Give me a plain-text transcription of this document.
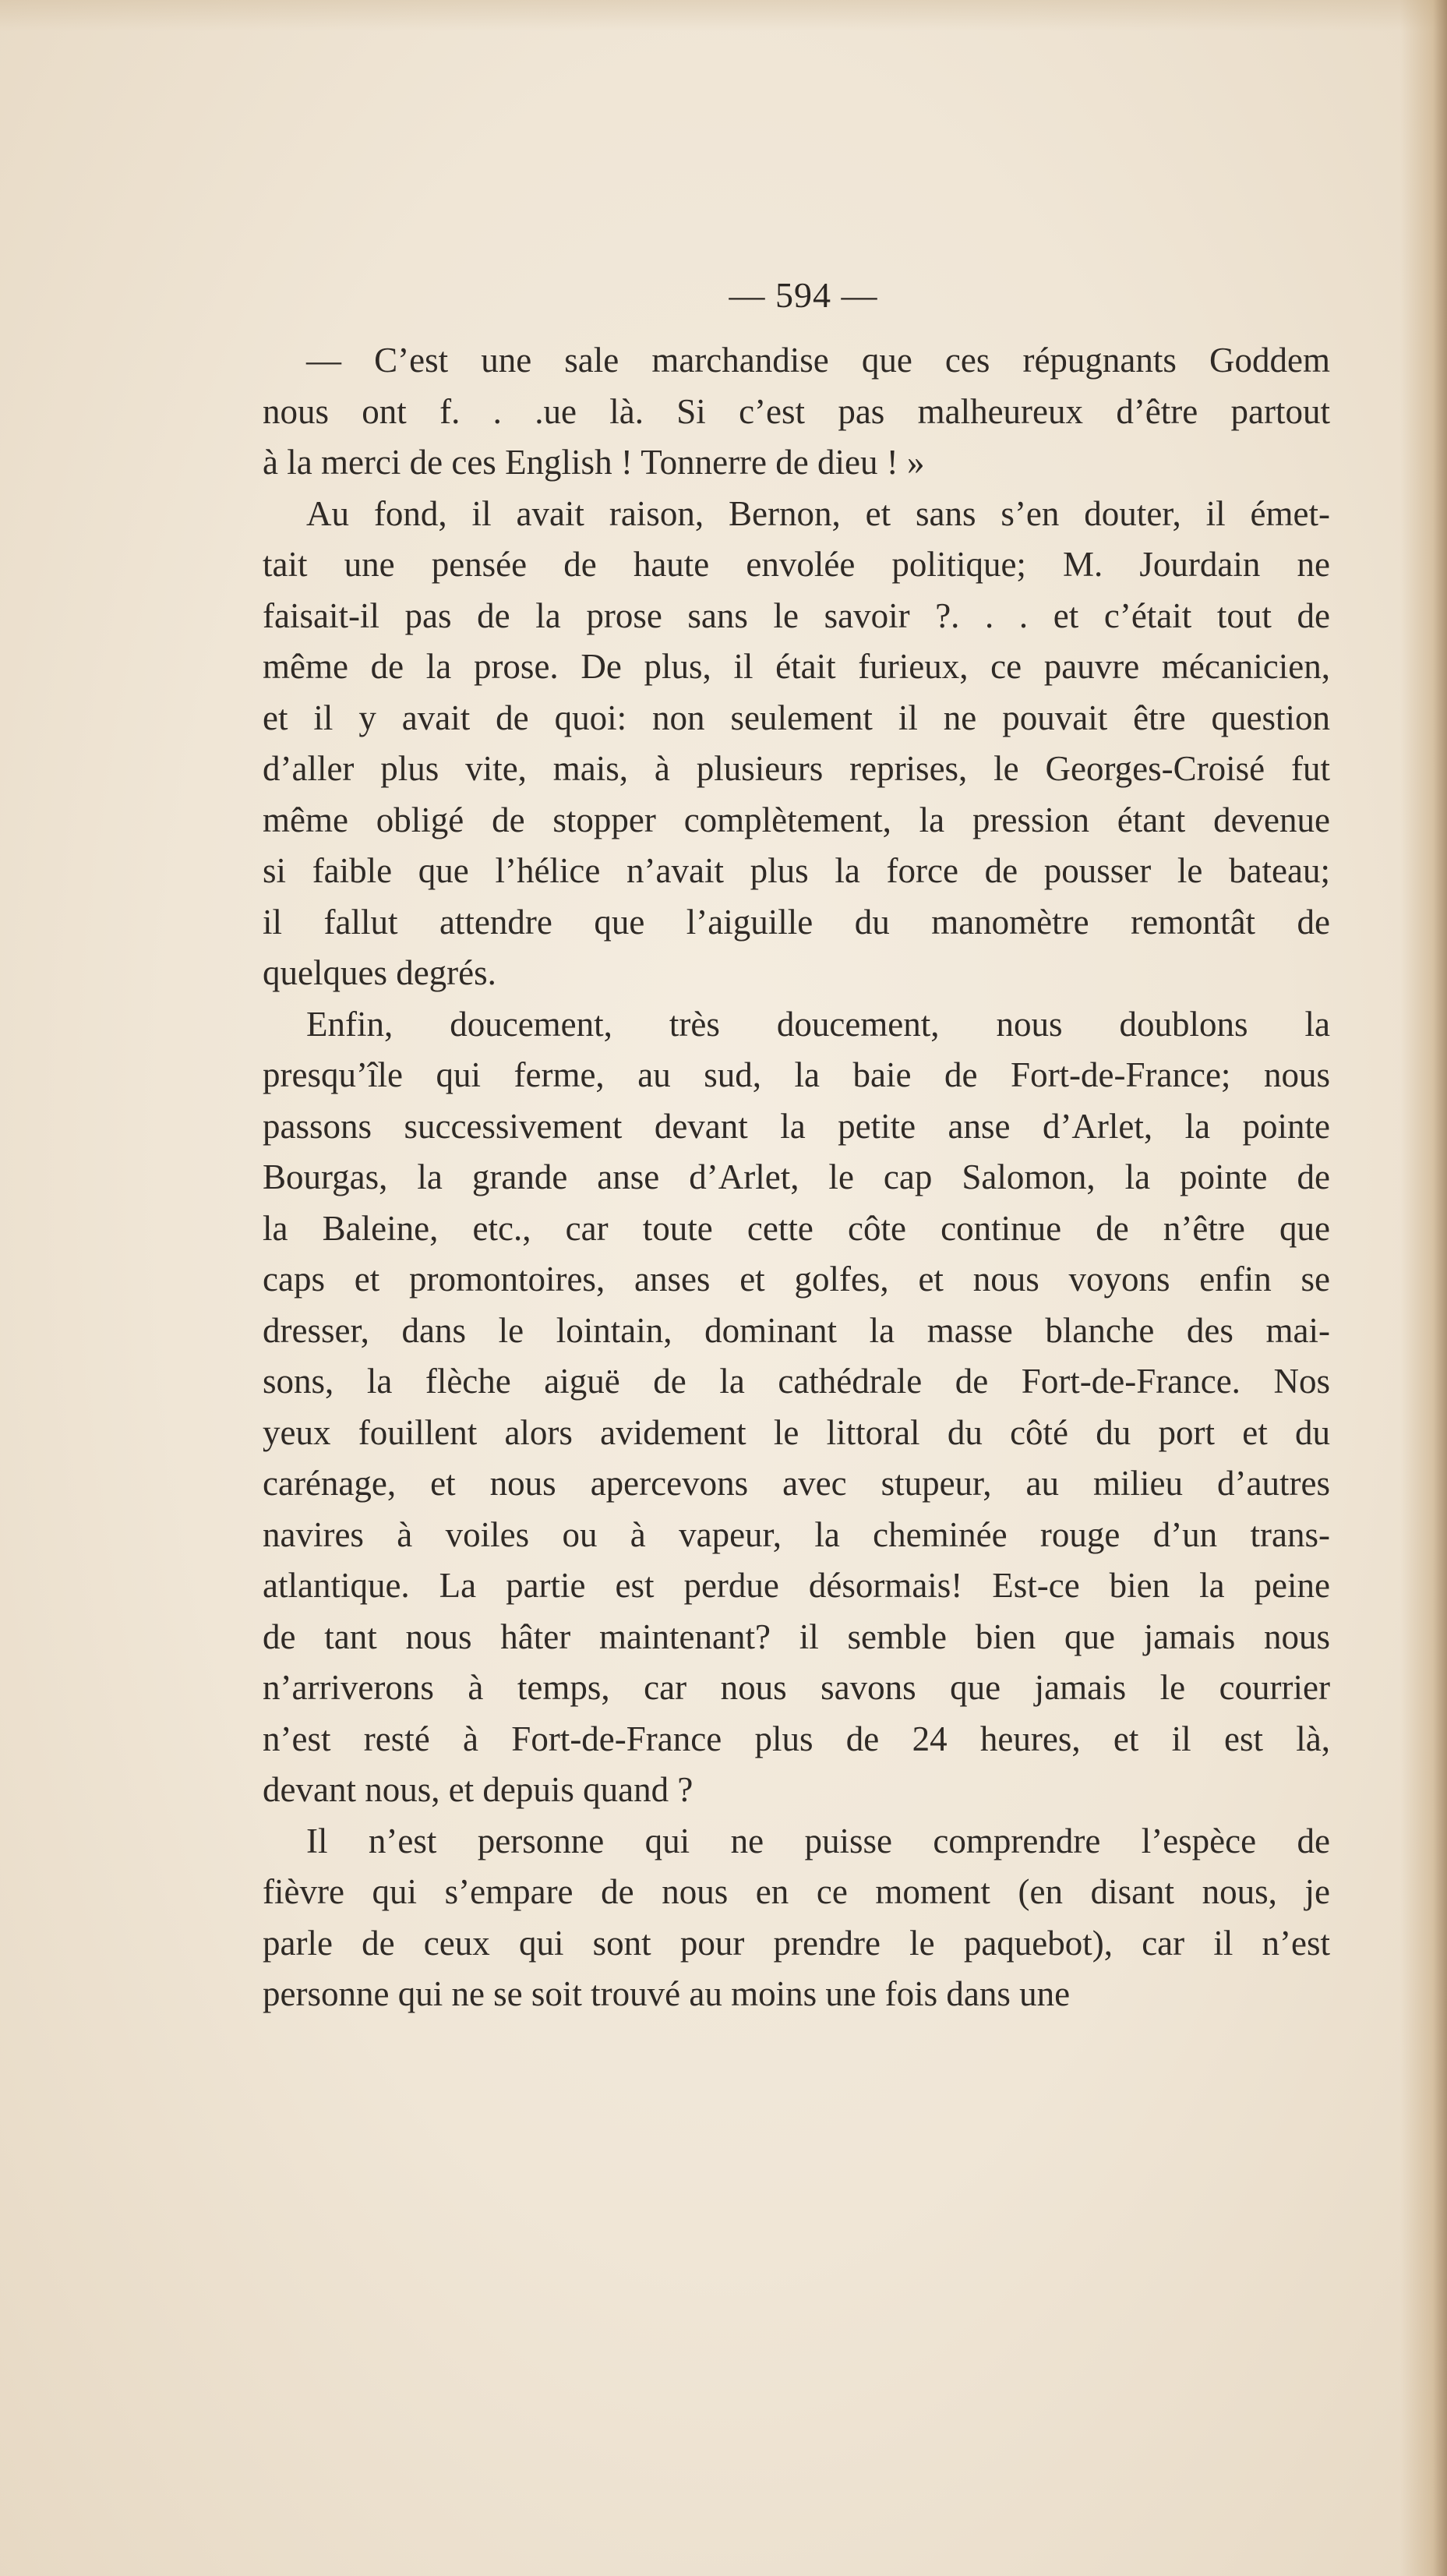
— 594 —

— C’est une sale marchandise que ces répugnants Goddem
nous ont f. . .ue là. Si c’est pas malheureux d’être partout
à la merci de ces English ! Tonnerre de dieu ! »

Au fond, il avait raison, Bernon, et sans s’en douter, il émet-
tait une pensée de haute envolée politique; M. Jourdain ne
faisait-il pas de la prose sans le savoir ?. . . et c’était tout de
même de la prose. De plus, il était furieux, ce pauvre mécanicien,
et il y avait de quoi: non seulement il ne pouvait être question
d’aller plus vite, mais, à plusieurs reprises, le Georges-Croisé fut
même obligé de stopper complètement, la pression étant devenue
si faible que l’hélice n’avait plus la force de pousser le bateau;
il fallut attendre que l’aiguille du manomètre remontât de
quelques degrés.

Enfin, doucement, très doucement, nous doublons la
presqu’île qui ferme, au sud, la baie de Fort-de-France; nous
passons successivement devant la petite anse d’Arlet, la pointe
Bourgas, la grande anse d’Arlet, le cap Salomon, la pointe de
la Baleine, etc., car toute cette côte continue de n’être que
caps et promontoires, anses et golfes, et nous voyons enfin se
dresser, dans le lointain, dominant la masse blanche des mai-
sons, la flèche aiguë de la cathédrale de Fort-de-France. Nos
yeux fouillent alors avidement le littoral du côté du port et du
carénage, et nous apercevons avec stupeur, au milieu d’autres
navires à voiles ou à vapeur, la cheminée rouge d’un trans-
atlantique. La partie est perdue désormais! Est-ce bien la peine
de tant nous hâter maintenant? il semble bien que jamais nous
n’arriverons à temps, car nous savons que jamais le courrier
n’est resté à Fort-de-France plus de 24 heures, et il est là,
devant nous, et depuis quand ?

Il n’est personne qui ne puisse comprendre l’espèce de
fièvre qui s’empare de nous en ce moment (en disant nous, je
parle de ceux qui sont pour prendre le paquebot), car il n’est
personne qui ne se soit trouvé au moins une fois dans une
